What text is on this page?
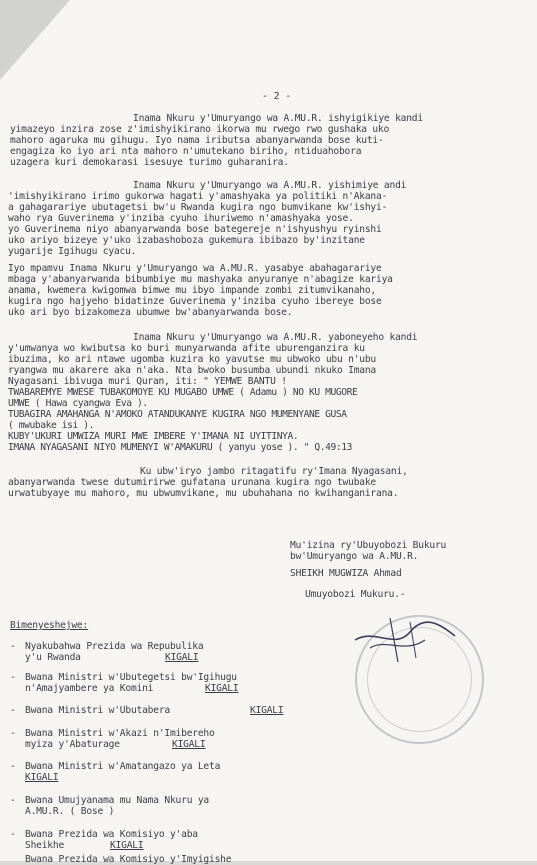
- 2 -
Inama Nkuru y'Umuryango wa A.MU.R. ishyigikiye kandi
yimazeyo inzira zose z'imishyikirano ikorwa mu rwego rwo gushaka uko
mahoro agaruka mu gihugu. Iyo nama iributsa abanyarwanda bose kuti-
engagiza ko iyo ari nta mahoro n'umutekano biriho, ntiduahobora
uzagera kuri demokarasi isesuye turimo guharanira.
Inama Nkuru y'Umuryango wa A.MU.R. yishimiye andi
'imishyikirano irimo gukorwa hagati y'amashyaka ya politiki n'Akana-
a gahagarariye ubutagetsi bw'u Rwanda kugira ngo bumvikane kw'ishyi-
waho rya Guverinema y'inziba cyuho ihuriwemo n'amashyaka yose.
yo Guverinema niyo abanyarwanda bose bategereje n'ishyushyu ryinshi
uko ariyo bizeye y'uko izabashoboza gukemura ibibazo by'inzitane
yugarije Igihugu cyacu.
Iyo mpamvu Inama Nkuru y'Umuryango wa A.MU.R. yasabye abahagarariye
mbaga y'abanyarwanda bibumbiye mu mashyaka anyuranye n'abagize kariya
anama, kwemera kwigomwa bimwe mu ibyo impande zombi zitumvikanaho,
kugira ngo hajyeho bidatinze Guverinema y'inziba cyuho ibereye bose
uko ari byo bizakomeza ubumwe bw'abanyarwanda bose.
Inama Nkuru y'Umuryango wa A.MU.R. yaboneyeho kandi
y'umwanya wo kwibutsa ko buri munyarwanda afite uburenganzira ku
ibuzima, ko ari ntawe ugomba kuzira ko yavutse mu ubwoko ubu n'ubu
ryangwa mu akarere aka n'aka. Nta bwoko busumba ubundi nkuko Imana
Nyagasani ibivuga muri Quran, iti: " YEMWE BANTU !
TWABAREMYE MWESE TUBAKOMOYE KU MUGABO UMWE ( Adamu ) NO KU MUGORE
UMWE ( Hawa cyangwa Eva ).
TUBAGIRA AMAHANGA N'AMOKO ATANDUKANYE KUGIRA NGO MUMENYANE GUSA
( mwubake isi ).
KUBY'UKURI UMWIZA MURI MWE IMBERE Y'IMANA NI UYITINYA.
IMANA NYAGASANI NIYO MUMENYI W'AMAKURU ( yanyu yose ). " Q.49:13
Ku ubw'iryo jambo ritagatifu ry'Imana Nyagasani,
abanyarwanda twese dutumirirwe gufatana urunana kugira ngo twubake
urwatubyaye mu mahoro, mu ubwumvikane, mu ubuhahana no kwihanganirana.
Mu'izina ry'Ubuyobozi Bukuru
bw'Umuryango wa A.MU.R.
SHEIKH MUGWIZA Ahmad
Umuyobozi Mukuru.-
Bimenyeshejwe:
- Nyakubahwa Prezida wa Repubulika
y'u Rwanda	KIGALI
- Bwana Ministri w'Ubutegetsi bw'Igihugu
n'Amajyambere ya Komini	KIGALI
- Bwana Ministri w'Ubutabera	KIGALI
- Bwana Ministri w'Akazi n'Imibereho
myiza y'Abaturage	KIGALI
- Bwana Ministri w'Amatangazo ya Leta
KIGALI
- Bwana Umujyanama mu Nama Nkuru ya
A.MU.R. ( Bose )
- Bwana Prezida wa Komisiyo y'aba
Sheikhe	KIGALI
Bwana Prezida wa Komisiyo y'Imyigishe
